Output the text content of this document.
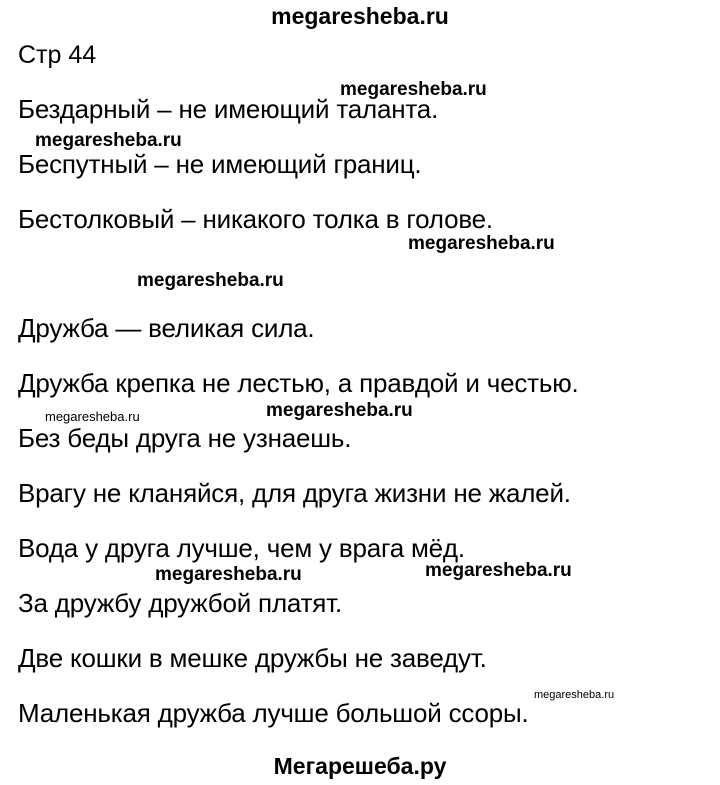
megaresheba.ru
Стр 44
Бездарный – не имеющий таланта.
Беспутный – не имеющий границ.
Бестолковый – никакого толка в голове.
Дружба — великая сила.
Дружба крепка не лестью, а правдой и честью.
Без беды друга не узнаешь.
Врагу не кланяйся, для друга жизни не жалей.
Вода у друга лучше, чем у врага мёд.
За дружбу дружбой платят.
Две кошки в мешке дружбы не заведут.
Маленькая дружба лучше большой ссоры.
megaresheba.ru
megaresheba.ru
megaresheba.ru
megaresheba.ru
megaresheba.ru	megaresheba.ru
megaresheba.ru	megaresheba.ru
megaresheba.ru
Мегарешеба.ру
